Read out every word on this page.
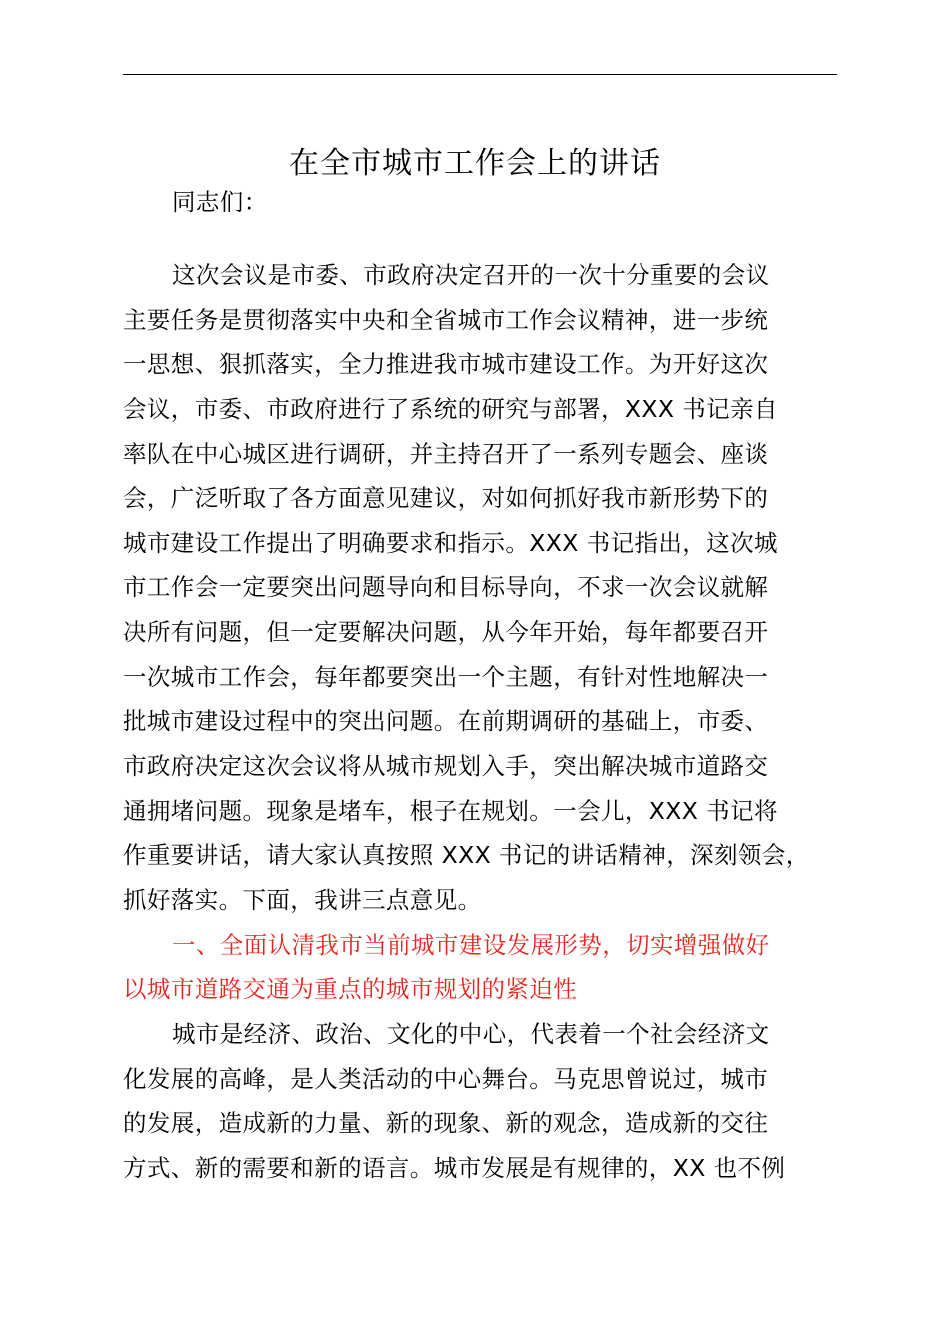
在全市城市工作会上的讲话
同志们：
这次会议是市委、市政府决定召开的一次十分重要的会议
主要任务是贯彻落实中央和全省城市工作会议精神，进一步统
一思想、狠抓落实，全力推进我市城市建设工作。为开好这次
会议，市委、市政府进行了系统的研究与部署，XXX 书记亲自
率队在中心城区进行调研，并主持召开了一系列专题会、座谈
会，广泛听取了各方面意见建议，对如何抓好我市新形势下的
城市建设工作提出了明确要求和指示。XXX 书记指出，这次城
市工作会一定要突出问题导向和目标导向，不求一次会议就解
决所有问题，但一定要解决问题，从今年开始，每年都要召开
一次城市工作会，每年都要突出一个主题，有针对性地解决一
批城市建设过程中的突出问题。在前期调研的基础上，市委、
市政府决定这次会议将从城市规划入手，突出解决城市道路交
通拥堵问题。现象是堵车，根子在规划。一会儿，XXX 书记将
作重要讲话，请大家认真按照 XXX 书记的讲话精神，深刻领会，
抓好落实。下面，我讲三点意见。
一、全面认清我市当前城市建设发展形势，切实增强做好
以城市道路交通为重点的城市规划的紧迫性
城市是经济、政治、文化的中心，代表着一个社会经济文
化发展的高峰，是人类活动的中心舞台。马克思曾说过，城市
的发展，造成新的力量、新的现象、新的观念，造成新的交往
方式、新的需要和新的语言。城市发展是有规律的，XX 也不例
